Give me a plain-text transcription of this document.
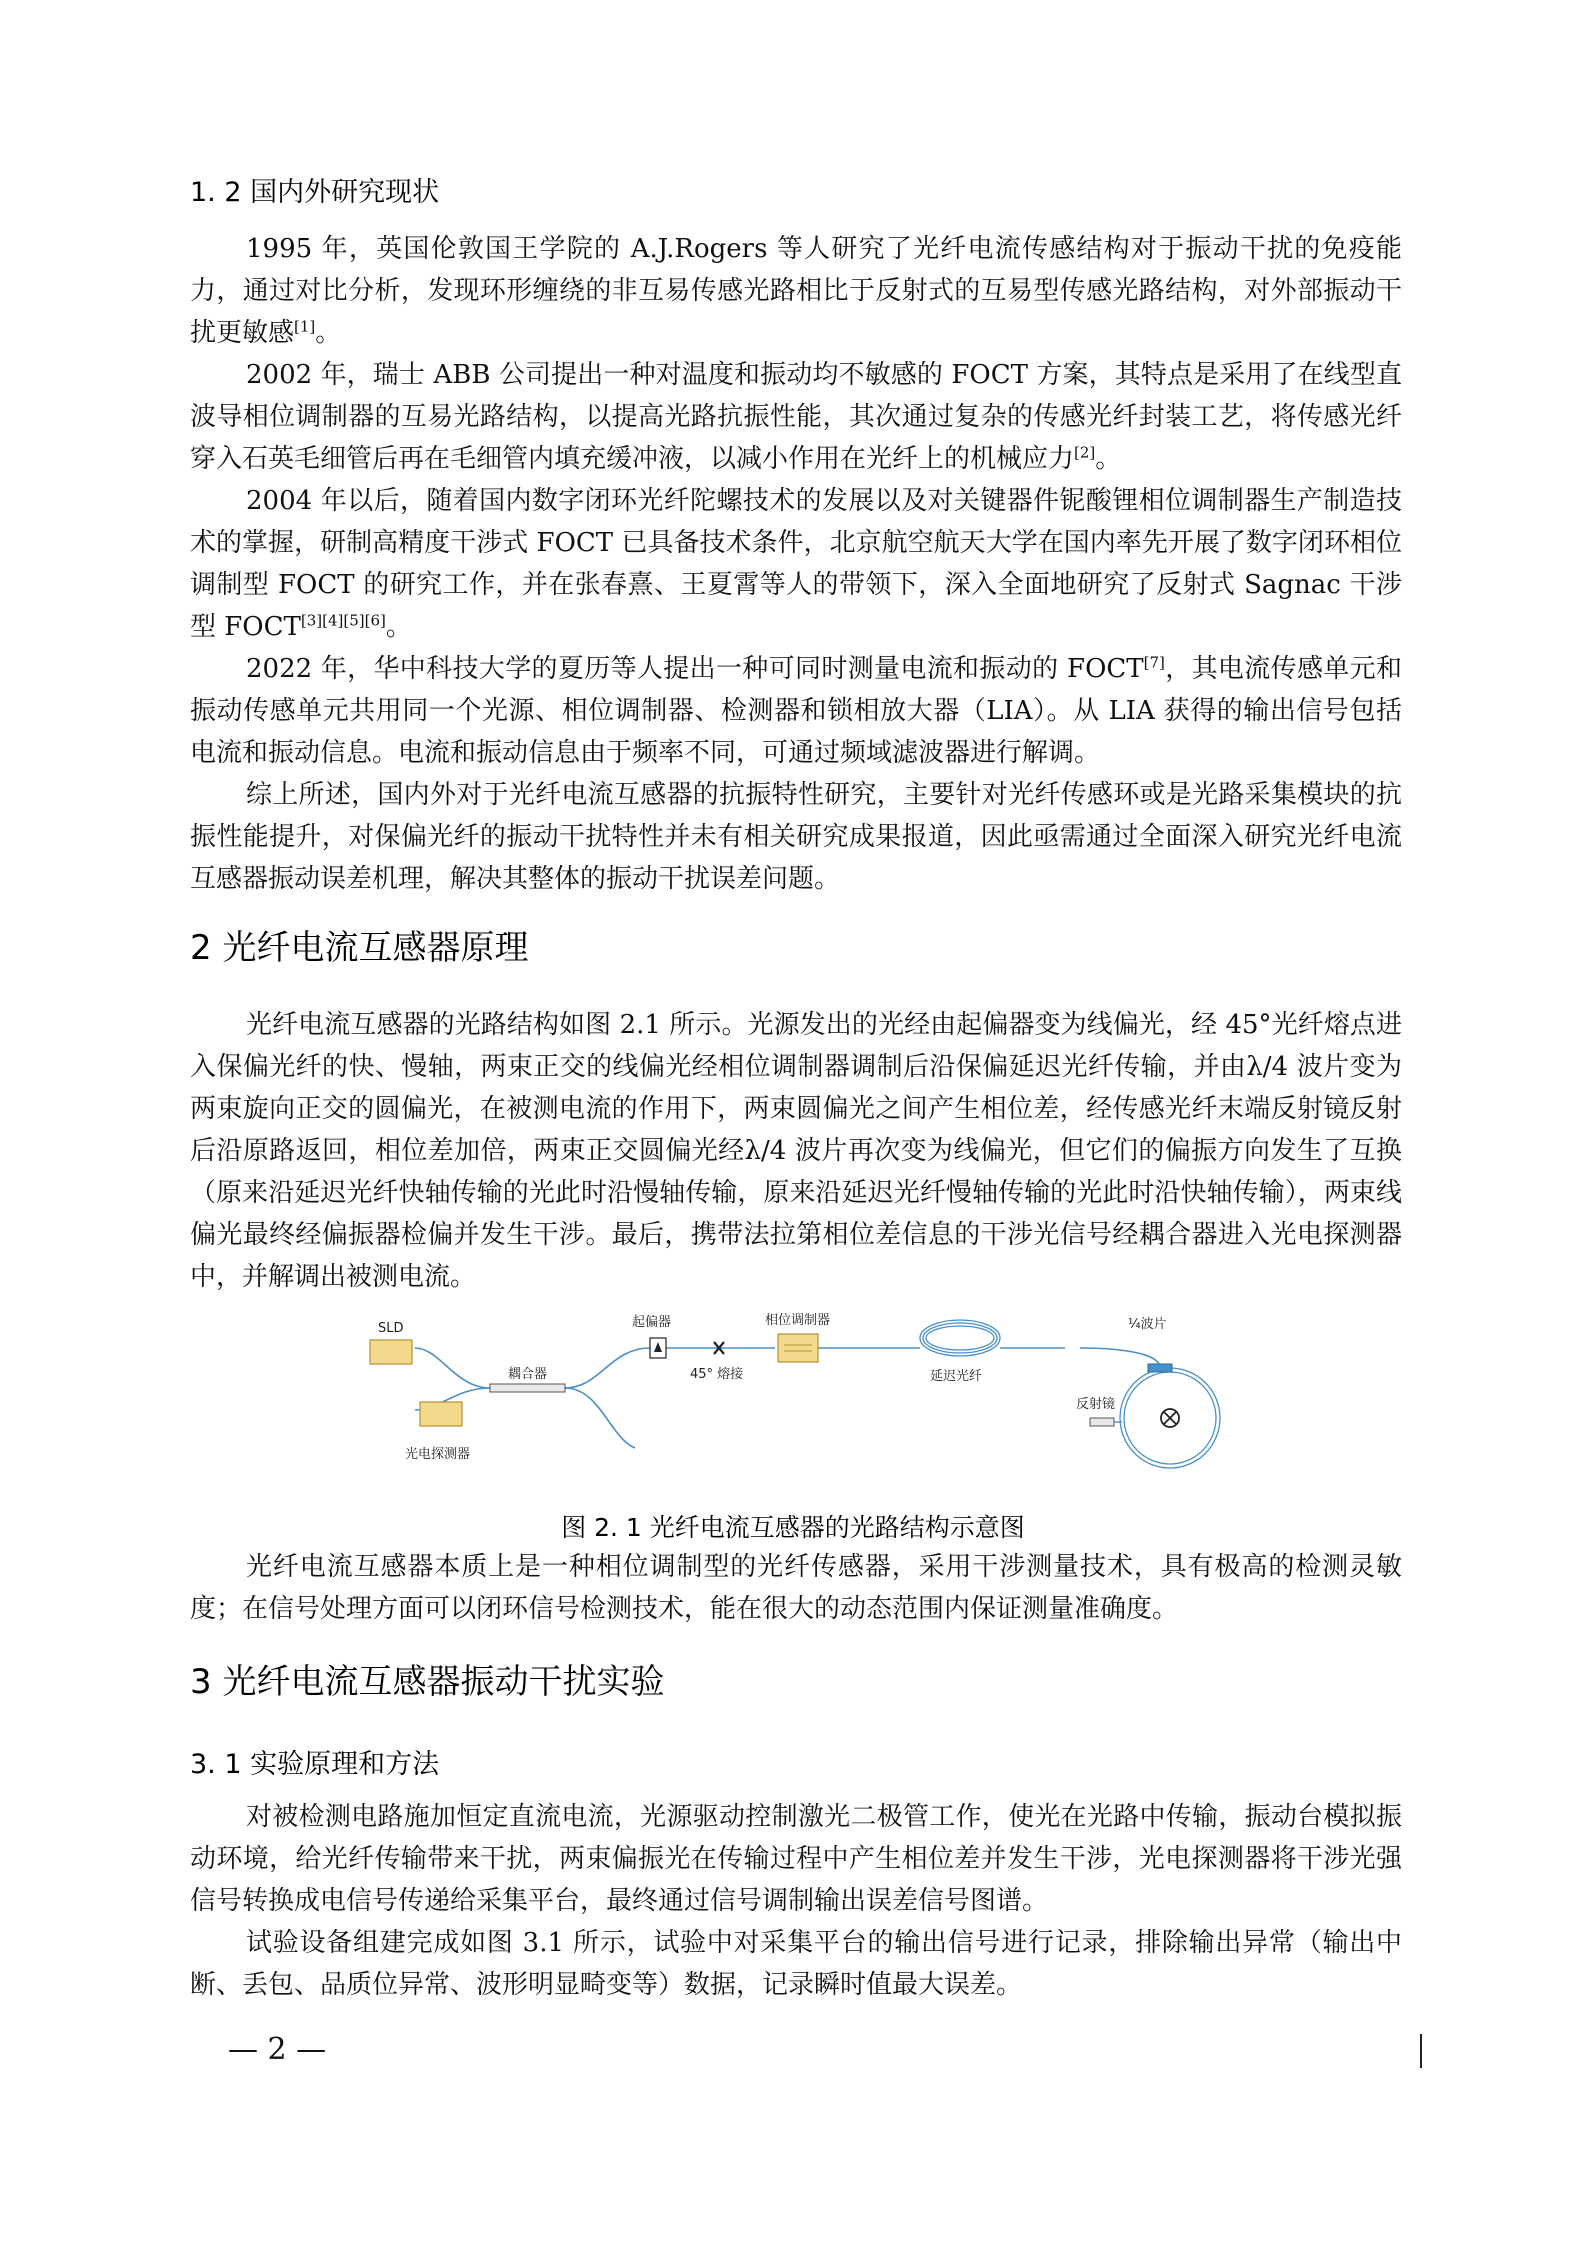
1. 2 国内外研究现状

1995 年，英国伦敦国王学院的 A.J.Rogers 等人研究了光纤电流传感结构对于振动干扰的免疫能力，通过对比分析，发现环形缠绕的非互易传感光路相比于反射式的互易型传感光路结构，对外部振动干扰更敏感[1]。

2002 年，瑞士 ABB 公司提出一种对温度和振动均不敏感的 FOCT 方案，其特点是采用了在线型直波导相位调制器的互易光路结构，以提高光路抗振性能，其次通过复杂的传感光纤封装工艺，将传感光纤穿入石英毛细管后再在毛细管内填充缓冲液，以减小作用在光纤上的机械应力[2]。

2004 年以后，随着国内数字闭环光纤陀螺技术的发展以及对关键器件铌酸锂相位调制器生产制造技术的掌握，研制高精度干涉式 FOCT 已具备技术条件，北京航空航天大学在国内率先开展了数字闭环相位调制型 FOCT 的研究工作，并在张春熹、王夏霄等人的带领下，深入全面地研究了反射式 Sagnac 干涉型 FOCT[3][4][5][6]。

2022 年，华中科技大学的夏历等人提出一种可同时测量电流和振动的 FOCT[7]，其电流传感单元和振动传感单元共用同一个光源、相位调制器、检测器和锁相放大器（LIA）。从 LIA 获得的输出信号包括电流和振动信息。电流和振动信息由于频率不同，可通过频域滤波器进行解调。

综上所述，国内外对于光纤电流互感器的抗振特性研究，主要针对光纤传感环或是光路采集模块的抗振性能提升，对保偏光纤的振动干扰特性并未有相关研究成果报道，因此亟需通过全面深入研究光纤电流互感器振动误差机理，解决其整体的振动干扰误差问题。

2 光纤电流互感器原理

光纤电流互感器的光路结构如图 2.1 所示。光源发出的光经由起偏器变为线偏光，经 45°光纤熔点进入保偏光纤的快、慢轴，两束正交的线偏光经相位调制器调制后沿保偏延迟光纤传输，并由λ/4 波片变为两束旋向正交的圆偏光，在被测电流的作用下，两束圆偏光之间产生相位差，经传感光纤末端反射镜反射后沿原路返回，相位差加倍，两束正交圆偏光经λ/4 波片再次变为线偏光，但它们的偏振方向发生了互换（原来沿延迟光纤快轴传输的光此时沿慢轴传输，原来沿延迟光纤慢轴传输的光此时沿快轴传输），两束线偏光最终经偏振器检偏并发生干涉。最后，携带法拉第相位差信息的干涉光信号经耦合器进入光电探测器中，并解调出被测电流。

SLD
光电探测器
耦合器
起偏器
45° 熔接
相位调制器
延迟光纤
¼波片
反射镜
图 2. 1 光纤电流互感器的光路结构示意图

光纤电流互感器本质上是一种相位调制型的光纤传感器，采用干涉测量技术，具有极高的检测灵敏度；在信号处理方面可以闭环信号检测技术，能在很大的动态范围内保证测量准确度。

3 光纤电流互感器振动干扰实验
3. 1 实验原理和方法

对被检测电路施加恒定直流电流，光源驱动控制激光二极管工作，使光在光路中传输，振动台模拟振动环境，给光纤传输带来干扰，两束偏振光在传输过程中产生相位差并发生干涉，光电探测器将干涉光强信号转换成电信号传递给采集平台，最终通过信号调制输出误差信号图谱。

试验设备组建完成如图 3.1 所示，试验中对采集平台的输出信号进行记录，排除输出异常（输出中断、丢包、品质位异常、波形明显畸变等）数据，记录瞬时值最大误差。

— 2 —
